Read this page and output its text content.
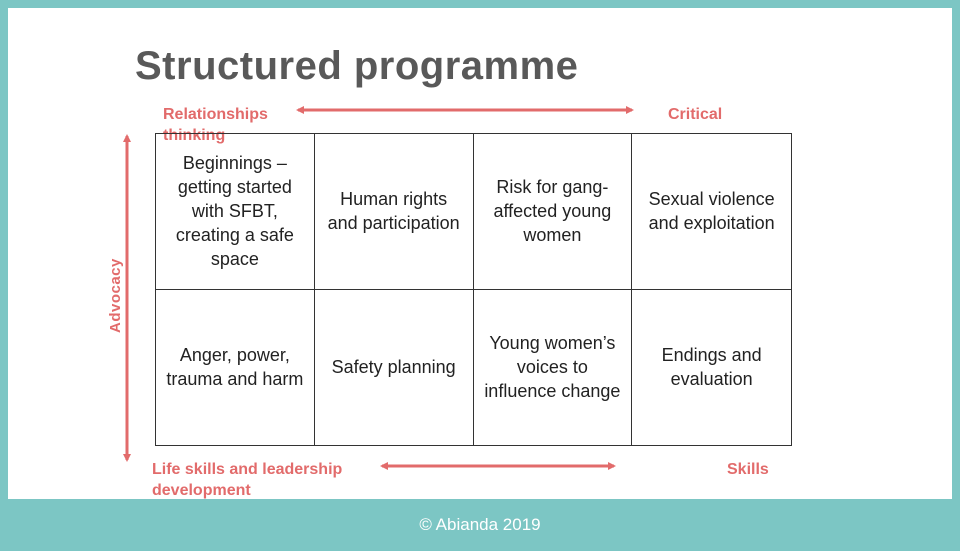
Structured programme
Relationships thinking
Critical
Advocacy
Life skills and leadership development
Skills
Beginnings – getting started with SFBT, creating a safe space
Human rights and participation
Risk for gang-affected young women
Sexual violence and exploitation
Anger, power, trauma and harm
Safety planning
Young women’s voices to influence change
Endings and evaluation
© Abianda 2019
